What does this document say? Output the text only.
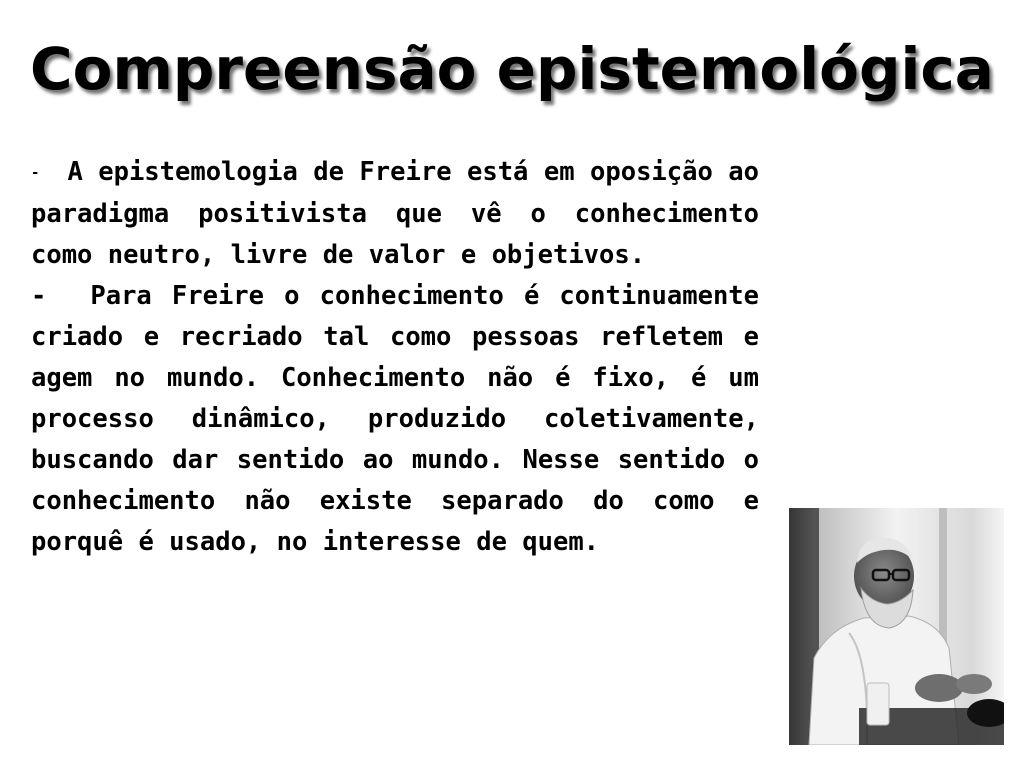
Compreensão epistemológica

- A epistemologia de Freire está em oposição ao paradigma positivista que vê o conhecimento como neutro, livre de valor e objetivos.

- Para Freire o conhecimento é continuamente criado e recriado tal como pessoas refletem e agem no mundo. Conhecimento não é fixo, é um processo dinâmico, produzido coletivamente, buscando dar sentido ao mundo. Nesse sentido o conhecimento não existe separado do como e porquê é usado, no interesse de quem.
